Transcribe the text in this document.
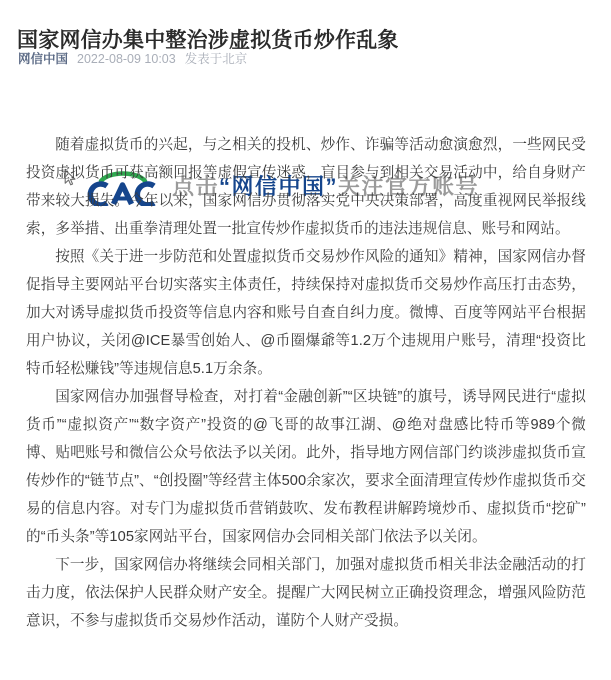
国家网信办集中整治涉虚拟货币炒作乱象
网信中国 2022-08-09 10:03 发表于北京
点击“网信中国”关注官方账号

随着虚拟货币的兴起，与之相关的投机、炒作、诈骗等活动愈演愈烈，一些网民受投资虚拟货币可获高额回报等虚假宣传迷惑，盲目参与到相关交易活动中，给自身财产带来较大损失。今年以来，国家网信办贯彻落实党中央决策部署，高度重视网民举报线索，多举措、出重拳清理处置一批宣传炒作虚拟货币的违法违规信息、账号和网站。

按照《关于进一步防范和处置虚拟货币交易炒作风险的通知》精神，国家网信办督促指导主要网站平台切实落实主体责任，持续保持对虚拟货币交易炒作高压打击态势，加大对诱导虚拟货币投资等信息内容和账号自查自纠力度。微博、百度等网站平台根据用户协议，关闭@ICE暴雪创始人、@币圈爆爺等1.2万个违规用户账号，清理“投资比特币轻松赚钱”等违规信息5.1万余条。

国家网信办加强督导检查，对打着“金融创新”“区块链”的旗号，诱导网民进行“虚拟货币”“虚拟资产”“数字资产”投资的@飞哥的故事江湖、@绝对盘感比特币等989个微博、贴吧账号和微信公众号依法予以关闭。此外，指导地方网信部门约谈涉虚拟货币宣传炒作的“链节点”、“创投圈”等经营主体500余家次，要求全面清理宣传炒作虚拟货币交易的信息内容。对专门为虚拟货币营销鼓吹、发布教程讲解跨境炒币、虚拟货币“挖矿”的“币头条”等105家网站平台，国家网信办会同相关部门依法予以关闭。

下一步，国家网信办将继续会同相关部门，加强对虚拟货币相关非法金融活动的打击力度，依法保护人民群众财产安全。提醒广大网民树立正确投资理念，增强风险防范意识，不参与虚拟货币交易炒作活动，谨防个人财产受损。
